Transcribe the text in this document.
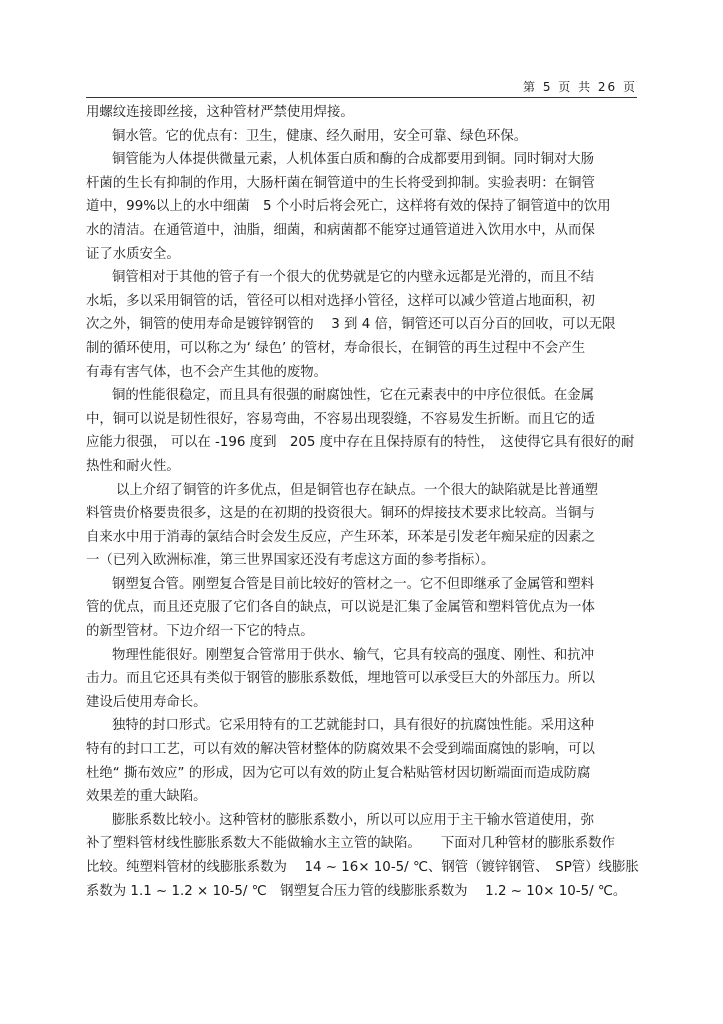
第 5 页 共 26 页
用螺纹连接即丝接，这种管材严禁使用焊接。
铜水管。它的优点有：卫生，健康、经久耐用，安全可靠、绿色环保。
铜管能为人体提供微量元素，人机体蛋白质和酶的合成都要用到铜。同时铜对大肠
杆菌的生长有抑制的作用，大肠杆菌在铜管道中的生长将受到抑制。实验表明：在铜管
道中，99%以上的水中细菌　5 个小时后将会死亡，这样将有效的保持了铜管道中的饮用
水的清洁。在通管道中，油脂，细菌，和病菌都不能穿过通管道进入饮用水中，从而保
证了水质安全。
铜管相对于其他的管子有一个很大的优势就是它的内壁永远都是光滑的，而且不结
水垢，多以采用铜管的话，管径可以相对选择小管径，这样可以减少管道占地面积，初
次之外，铜管的使用寿命是镀锌钢管的　 3 到 4 倍，铜管还可以百分百的回收，可以无限
制的循环使用，可以称之为‘ 绿色’ 的管材，寿命很长，在铜管的再生过程中不会产生
有毒有害气体，也不会产生其他的废物。
铜的性能很稳定，而且具有很强的耐腐蚀性，它在元素表中的中序位很低。在金属
中，铜可以说是韧性很好，容易弯曲，不容易出现裂缝，不容易发生折断。而且它的适
应能力很强， 可以在 -196 度到　205 度中存在且保持原有的特性，　这使得它具有很好的耐
热性和耐火性。
以上介绍了铜管的许多优点，但是铜管也存在缺点。一个很大的缺陷就是比普通塑
料管贵价格要贵很多，这是的在初期的投资很大。铜环的焊接技术要求比较高。当铜与
自来水中用于消毒的氯结合时会发生反应，产生环苯，环苯是引发老年痴呆症的因素之
一（已列入欧洲标准，第三世界国家还没有考虑这方面的参考指标）。
钢塑复合管。刚塑复合管是目前比较好的管材之一。它不但即继承了金属管和塑料
管的优点，而且还克服了它们各自的缺点，可以说是汇集了金属管和塑料管优点为一体
的新型管材。下边介绍一下它的特点。
物理性能很好。刚塑复合管常用于供水、输气，它具有较高的强度、刚性、和抗冲
击力。而且它还具有类似于钢管的膨胀系数低，埋地管可以承受巨大的外部压力。所以
建设后使用寿命长。
独特的封口形式。它采用特有的工艺就能封口，具有很好的抗腐蚀性能。采用这种
特有的封口工艺，可以有效的解决管材整体的防腐效果不会受到端面腐蚀的影响，可以
杜绝“ 撕布效应” 的形成，因为它可以有效的防止复合粘贴管材因切断端面而造成防腐
效果差的重大缺陷。
膨胀系数比较小。这种管材的膨胀系数小，所以可以应用于主干输水管道使用，弥
补了塑料管材线性膨胀系数大不能做输水主立管的缺陷。　　下面对几种管材的膨胀系数作
比较。纯塑料管材的线膨胀系数为　 14 ~ 16× 10-5/ ℃、钢管（镀锌钢管、　SP管）线膨胀
系数为 1.1 ~ 1.2 × 10-5/ ℃　钢塑复合压力管的线膨胀系数为　 1.2 ~ 10× 10-5/ ℃。
